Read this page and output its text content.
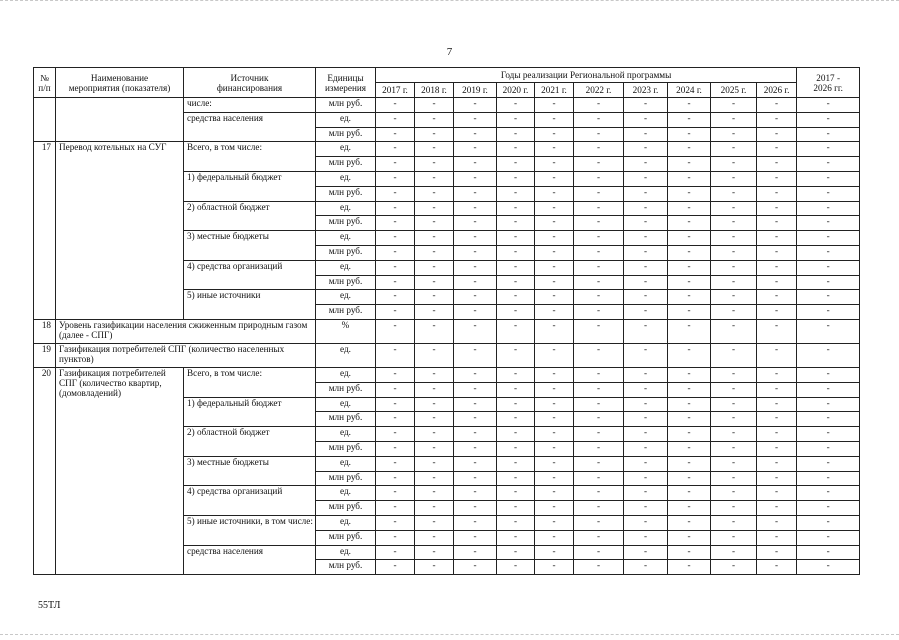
7
№
п/п	Наименование
мероприятия (показателя)	Источник
финансирования	Единицы
измерения	Годы реализации Региональной программы										2017 -
2026 гг.
				2017 г.	2018 г.	2019 г.	2020 г.	2021 г.	2022 г.	2023 г.	2024 г.	2025 г.	2026 г.	
		числе:	млн руб.	-	-	-	-	-	-	-	-	-	-	-
		средства населения	ед.	-	-	-	-	-	-	-	-	-	-	-
			млн руб.	-	-	-	-	-	-	-	-	-	-	-
17	Перевод котельных на СУГ	Всего, в том числе:	ед.	-	-	-	-	-	-	-	-	-	-	-
			млн руб.	-	-	-	-	-	-	-	-	-	-	-
		1) федеральный бюджет	ед.	-	-	-	-	-	-	-	-	-	-	-
			млн руб.	-	-	-	-	-	-	-	-	-	-	-
		2) областной бюджет	ед.	-	-	-	-	-	-	-	-	-	-	-
			млн руб.	-	-	-	-	-	-	-	-	-	-	-
		3) местные бюджеты	ед.	-	-	-	-	-	-	-	-	-	-	-
			млн руб.	-	-	-	-	-	-	-	-	-	-	-
		4) средства организаций	ед.	-	-	-	-	-	-	-	-	-	-	-
			млн руб.	-	-	-	-	-	-	-	-	-	-	-
		5) иные источники	ед.	-	-	-	-	-	-	-	-	-	-	-
			млн руб.	-	-	-	-	-	-	-	-	-	-	-
18	Уровень газификации населения сжиженным природным газом (далее - СПГ)		%	-	-	-	-	-	-	-	-	-	-	-
19	Газификация потребителей СПГ (количество населенных пунктов)		ед.	-	-	-	-	-	-	-	-	-	-	-
20	Газификация потребителей СПГ (количество квартир, (домовладений)	Всего, в том числе:	ед.	-	-	-	-	-	-	-	-	-	-	-
			млн руб.	-	-	-	-	-	-	-	-	-	-	-
		1) федеральный бюджет	ед.	-	-	-	-	-	-	-	-	-	-	-
			млн руб.	-	-	-	-	-	-	-	-	-	-	-
		2) областной бюджет	ед.	-	-	-	-	-	-	-	-	-	-	-
			млн руб.	-	-	-	-	-	-	-	-	-	-	-
		3) местные бюджеты	ед.	-	-	-	-	-	-	-	-	-	-	-
			млн руб.	-	-	-	-	-	-	-	-	-	-	-
		4) средства организаций	ед.	-	-	-	-	-	-	-	-	-	-	-
			млн руб.	-	-	-	-	-	-	-	-	-	-	-
		5) иные источники, в том числе:	ед.	-	-	-	-	-	-	-	-	-	-	-
			млн руб.	-	-	-	-	-	-	-	-	-	-	-
		средства населения	ед.	-	-	-	-	-	-	-	-	-	-	-
			млн руб.	-	-	-	-	-	-	-	-	-	-	-
55ТЛ
